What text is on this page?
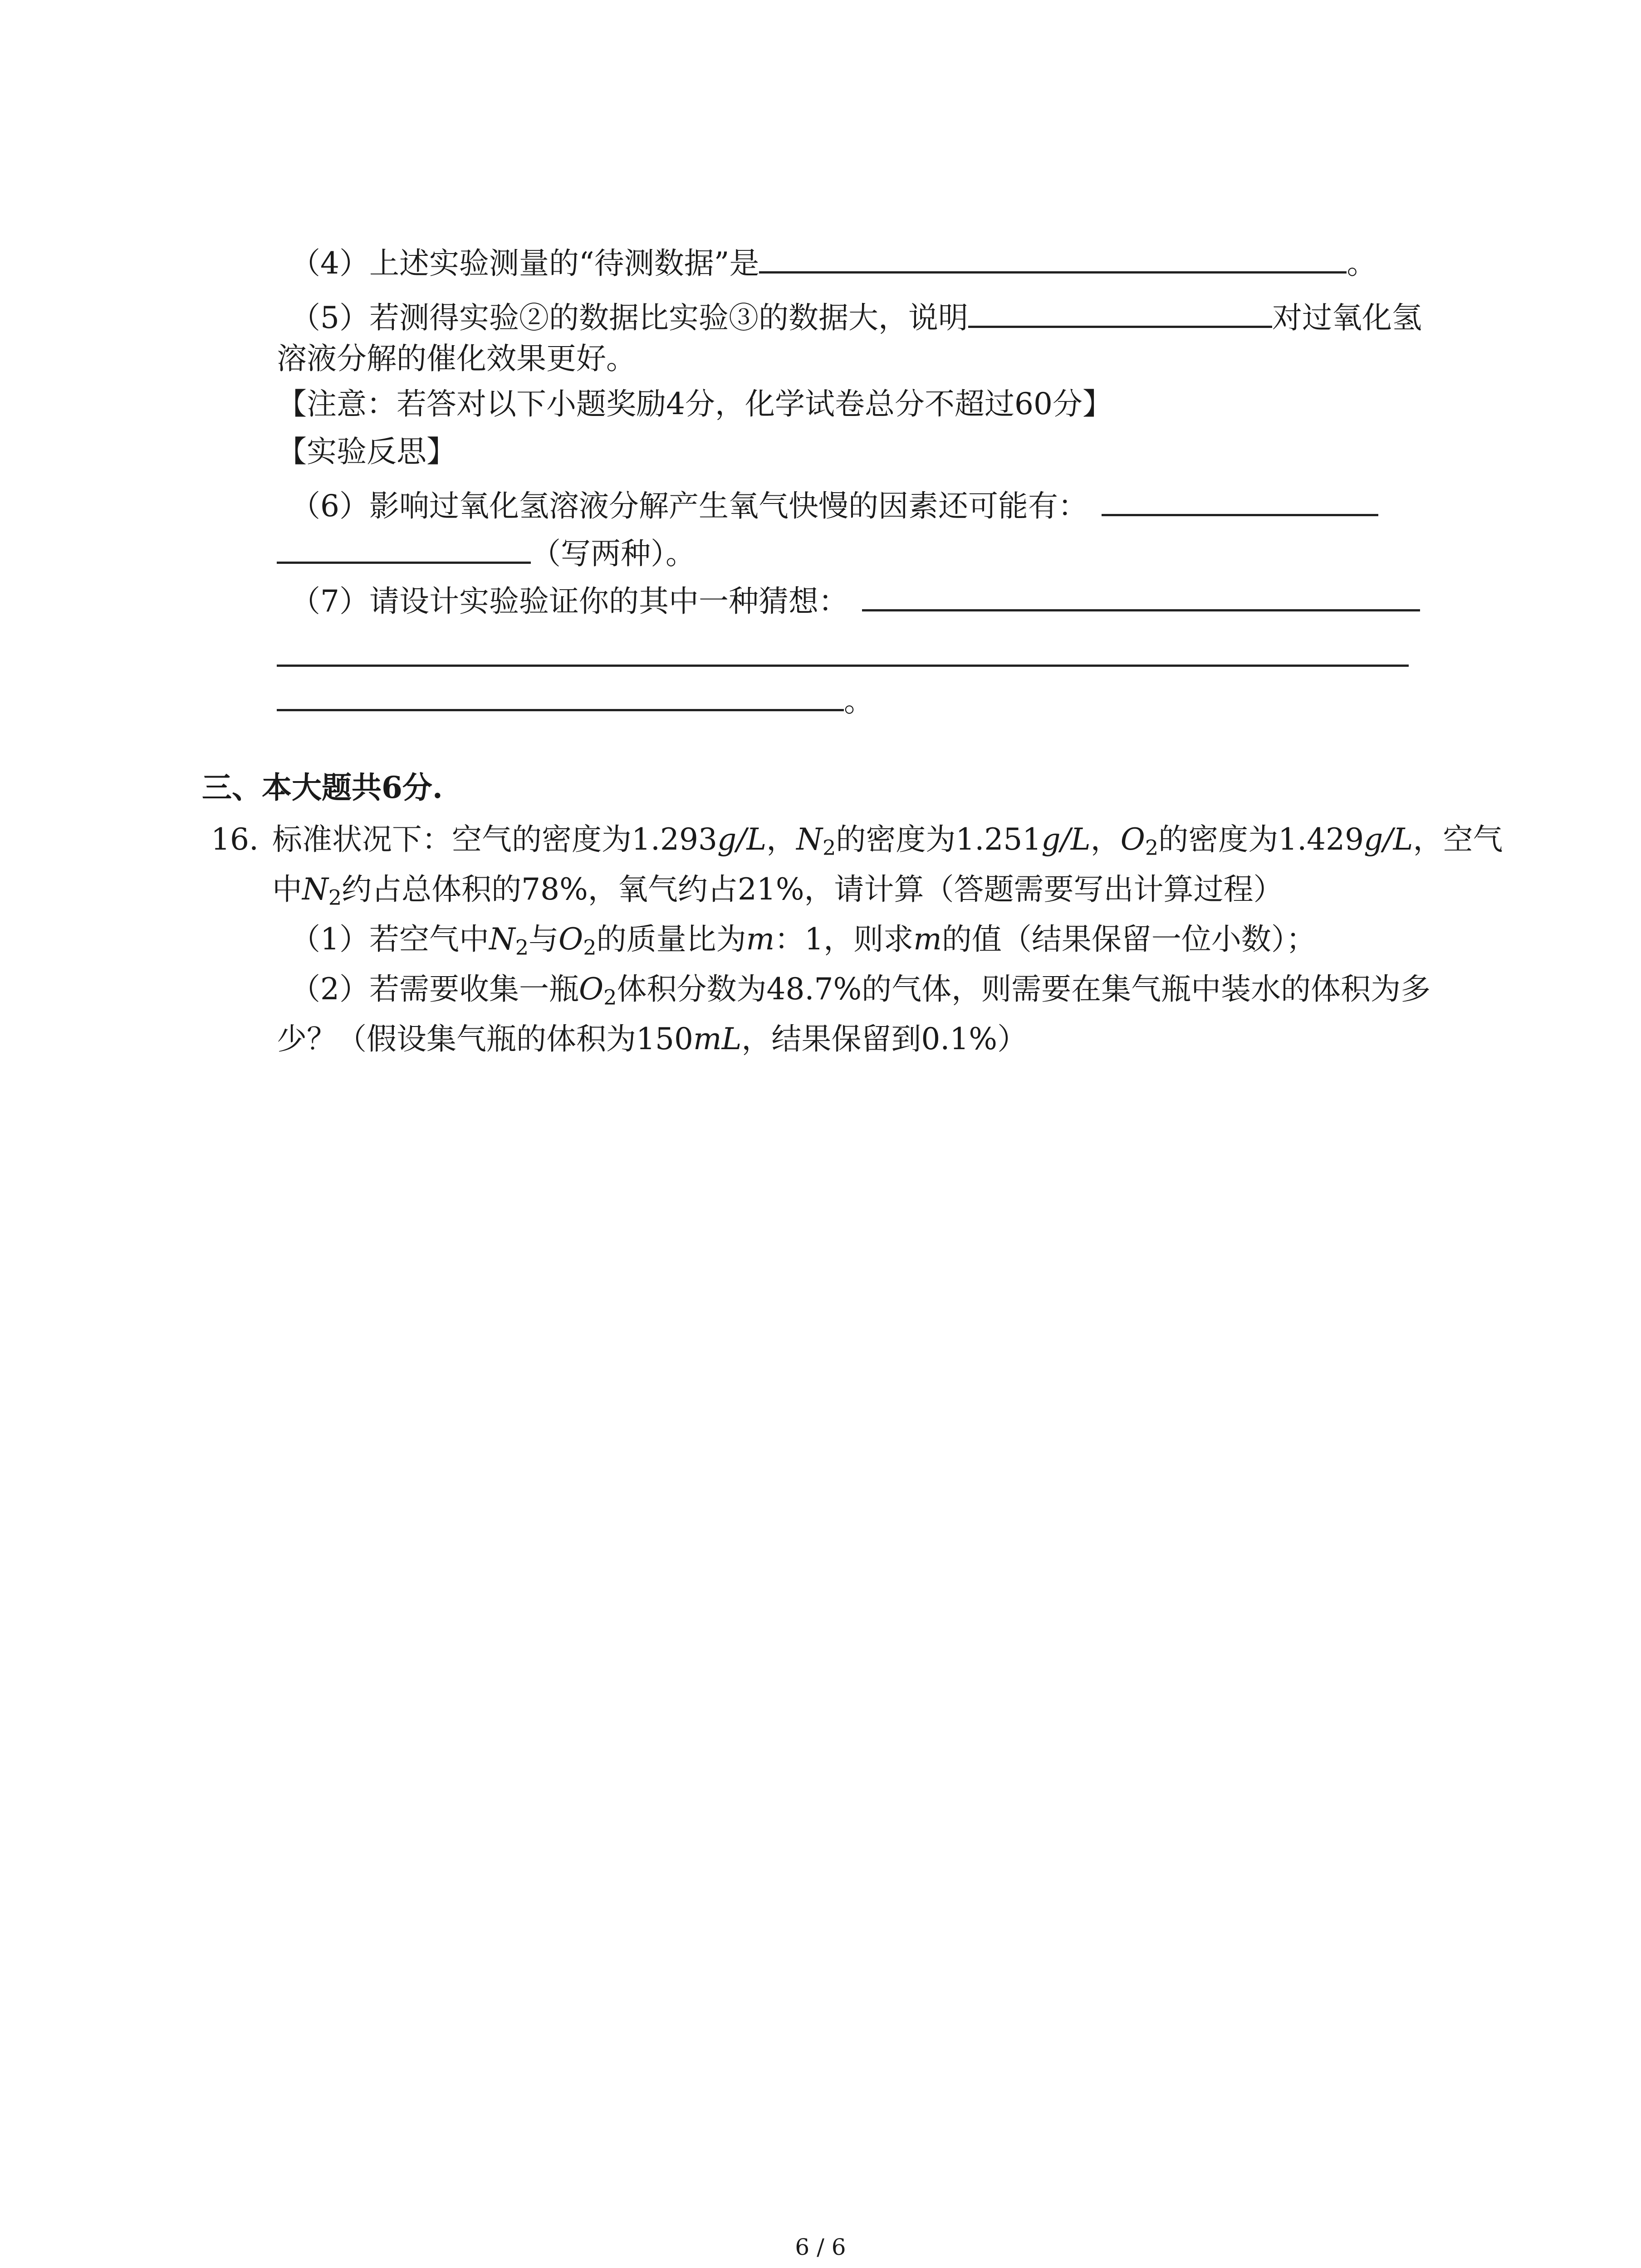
（4）上述实验测量的“待测数据”是	。
（5）若测得实验②的数据比实验③的数据大，说明	对过氧化氢
溶液分解的催化效果更好。
【注意：若答对以下小题奖励4分，化学试卷总分不超过60分】
【实验反思】
（6）影响过氧化氢溶液分解产生氧气快慢的因素还可能有：
（写两种）。
（7）请设计实验验证你的其中一种猜想：
。
三、本大题共6分.
16. 标准状况下：空气的密度为1.293g/L，$N_2$的密度为1.251g/L，$O_2$的密度为1.429g/L，空气
中$N_2$约占总体积的78%，氧气约占21%，请计算（答题需要写出计算过程）
（1）若空气中$N_2$与$O_2$的质量比为m：1，则求m的值（结果保留一位小数）；
（2）若需要收集一瓶$O_2$体积分数为48.7%的气体，则需要在集气瓶中装水的体积为多
少？（假设集气瓶的体积为150mL，结果保留到0.1%）
6 / 6
